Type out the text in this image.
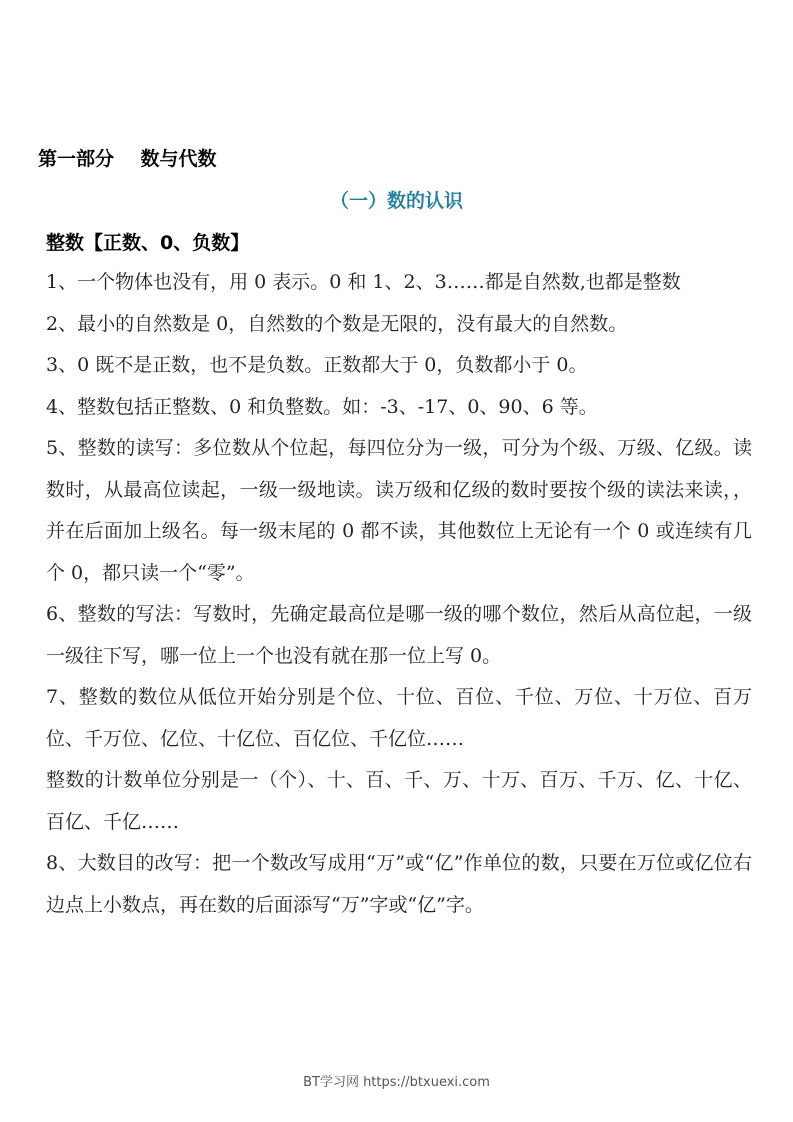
第一部分    数与代数
（一）数的认识
整数【正数、0、负数】

1、一个物体也没有，用 0 表示。0 和 1、2、3……都是自然数,也都是整数

2、最小的自然数是 0，自然数的个数是无限的，没有最大的自然数。

3、0 既不是正数，也不是负数。正数都大于 0，负数都小于 0。

4、整数包括正整数、0 和负整数。如：-3、-17、0、90、6 等。

5、整数的读写：多位数从个位起，每四位分为一级，可分为个级、万级、亿级。读数时，从最高位读起，一级一级地读。读万级和亿级的数时要按个级的读法来读，，并在后面加上级名。每一级末尾的 0 都不读，其他数位上无论有一个 0 或连续有几个 0，都只读一个“零”。

6、整数的写法：写数时，先确定最高位是哪一级的哪个数位，然后从高位起，一级一级往下写，哪一位上一个也没有就在那一位上写 0。

7、整数的数位从低位开始分别是个位、十位、百位、千位、万位、十万位、百万位、千万位、亿位、十亿位、百亿位、千亿位……

整数的计数单位分别是一（个）、十、百、千、万、十万、百万、千万、亿、十亿、百亿、千亿……

8、大数目的改写：把一个数改写成用“万”或“亿”作单位的数，只要在万位或亿位右边点上小数点，再在数的后面添写“万”字或“亿”字。

BT学习网 https://btxuexi.com
